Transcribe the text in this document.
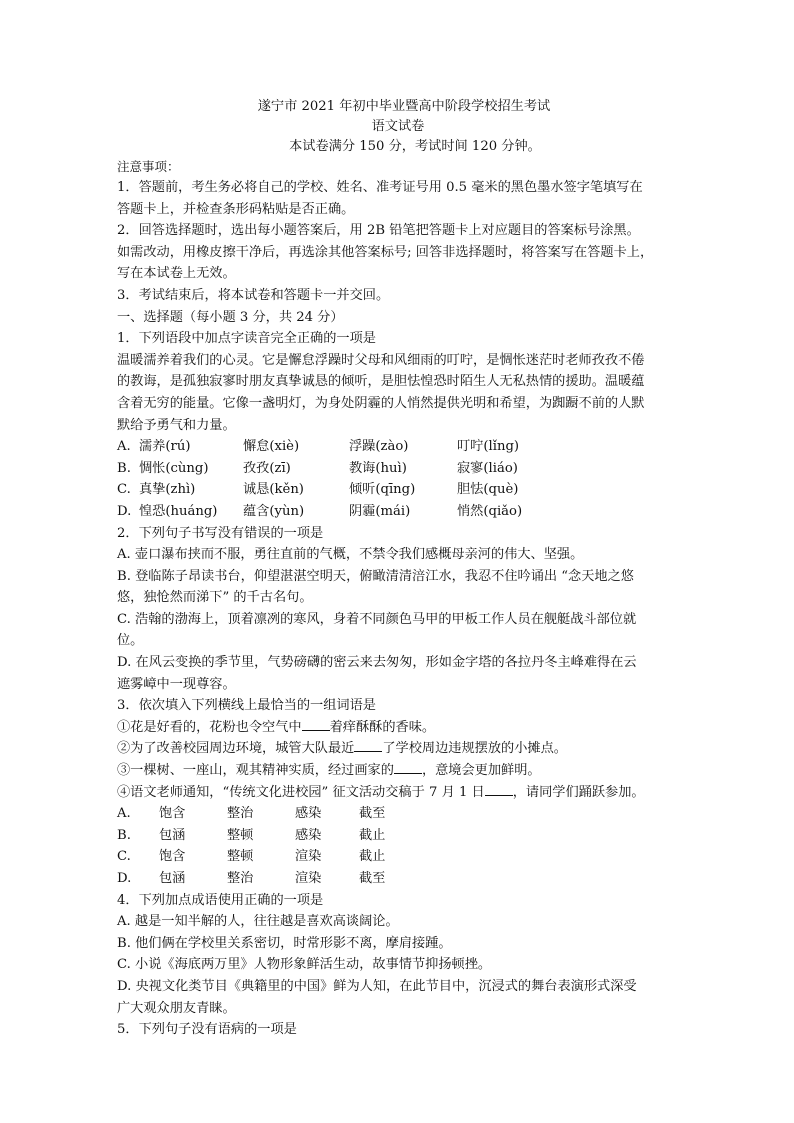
遂宁市 2021 年初中毕业暨高中阶段学校招生考试
语文试卷
本试卷满分 150 分，考试时间 120 分钟。
注意事项：
1．答题前，考生务必将自己的学校、姓名、准考证号用 0.5 毫米的黑色墨水签字笔填写在
答题卡上，并检查条形码粘贴是否正确。
2．回答选择题时，选出每小题答案后，用 2B 铅笔把答题卡上对应题目的答案标号涂黑。
如需改动，用橡皮擦干净后，再选涂其他答案标号; 回答非选择题时，将答案写在答题卡上，
写在本试卷上无效。
3．考试结束后，将本试卷和答题卡一并交回。
一、选择题（每小题 3 分，共 24 分）
1．下列语段中加点字读音完全正确的一项是
温暖濡养着我们的心灵。它是懈怠浮躁时父母和风细雨的叮咛，是惆怅迷茫时老师孜孜不倦
的教诲，是孤独寂寥时朋友真挚诚恳的倾听，是胆怯惶恐时陌生人无私热情的援助。温暖蕴
含着无穷的能量。它像一盏明灯，为身处阴霾的人悄然提供光明和希望，为踟蹰不前的人默
默给予勇气和力量。
A. 濡养(rú)	懈怠(xiè)	浮躁(zào)	叮咛(lǐng)
B. 惆怅(cùng)	孜孜(zī)	教诲(huì)	寂寥(liáo)
C. 真挚(zhì)	诚恳(kěn)	倾听(qīng)	胆怯(què)
D. 惶恐(huáng)	蕴含(yùn)	阴霾(mái)	悄然(qiǎo)
2．下列句子书写没有错误的一项是
A. 壶口瀑布挟而不服，勇往直前的气概，不禁令我们感概母亲河的伟大、坚强。
B. 登临陈子昂读书台，仰望湛湛空明天，俯瞰清清涪江水，我忍不住吟诵出 “念天地之悠
悠，独怆然而涕下” 的千古名句。
C. 浩翰的渤海上，顶着凛冽的寒风，身着不同颜色马甲的甲板工作人员在舰艇战斗部位就
位。
D. 在风云变换的季节里，气势磅礴的密云来去匆匆，形如金字塔的各拉丹冬主峰难得在云
遮雾嶂中一现尊容。
3．依次填入下列横线上最恰当的一组词语是
①花是好看的，花粉也令空气中 着痒酥酥的香味。
②为了改善校园周边环境，城管大队最近 了学校周边违规摆放的小摊点。
③一棵树、一座山，观其精神实质，经过画家的 ，意境会更加鲜明。
④语文老师通知，“传统文化进校园” 征文活动交稿于 7 月 1 日 ，请同学们踊跃参加。
A.	饱含	整治	感染	截至
B.	包涵	整顿	感染	截止
C.	饱含	整顿	渲染	截止
D.	包涵	整治	渲染	截至
4．下列加点成语使用正确的一项是
A. 越是一知半解的人，往往越是喜欢高谈阔论。
B. 他们俩在学校里关系密切，时常形影不离，摩肩接踵。
C. 小说《海底两万里》人物形象鲜活生动，故事情节抑扬顿挫。
D. 央视文化类节目《典籍里的中国》鲜为人知，在此节目中，沉浸式的舞台表演形式深受
广大观众朋友青睐。
5．下列句子没有语病的一项是
